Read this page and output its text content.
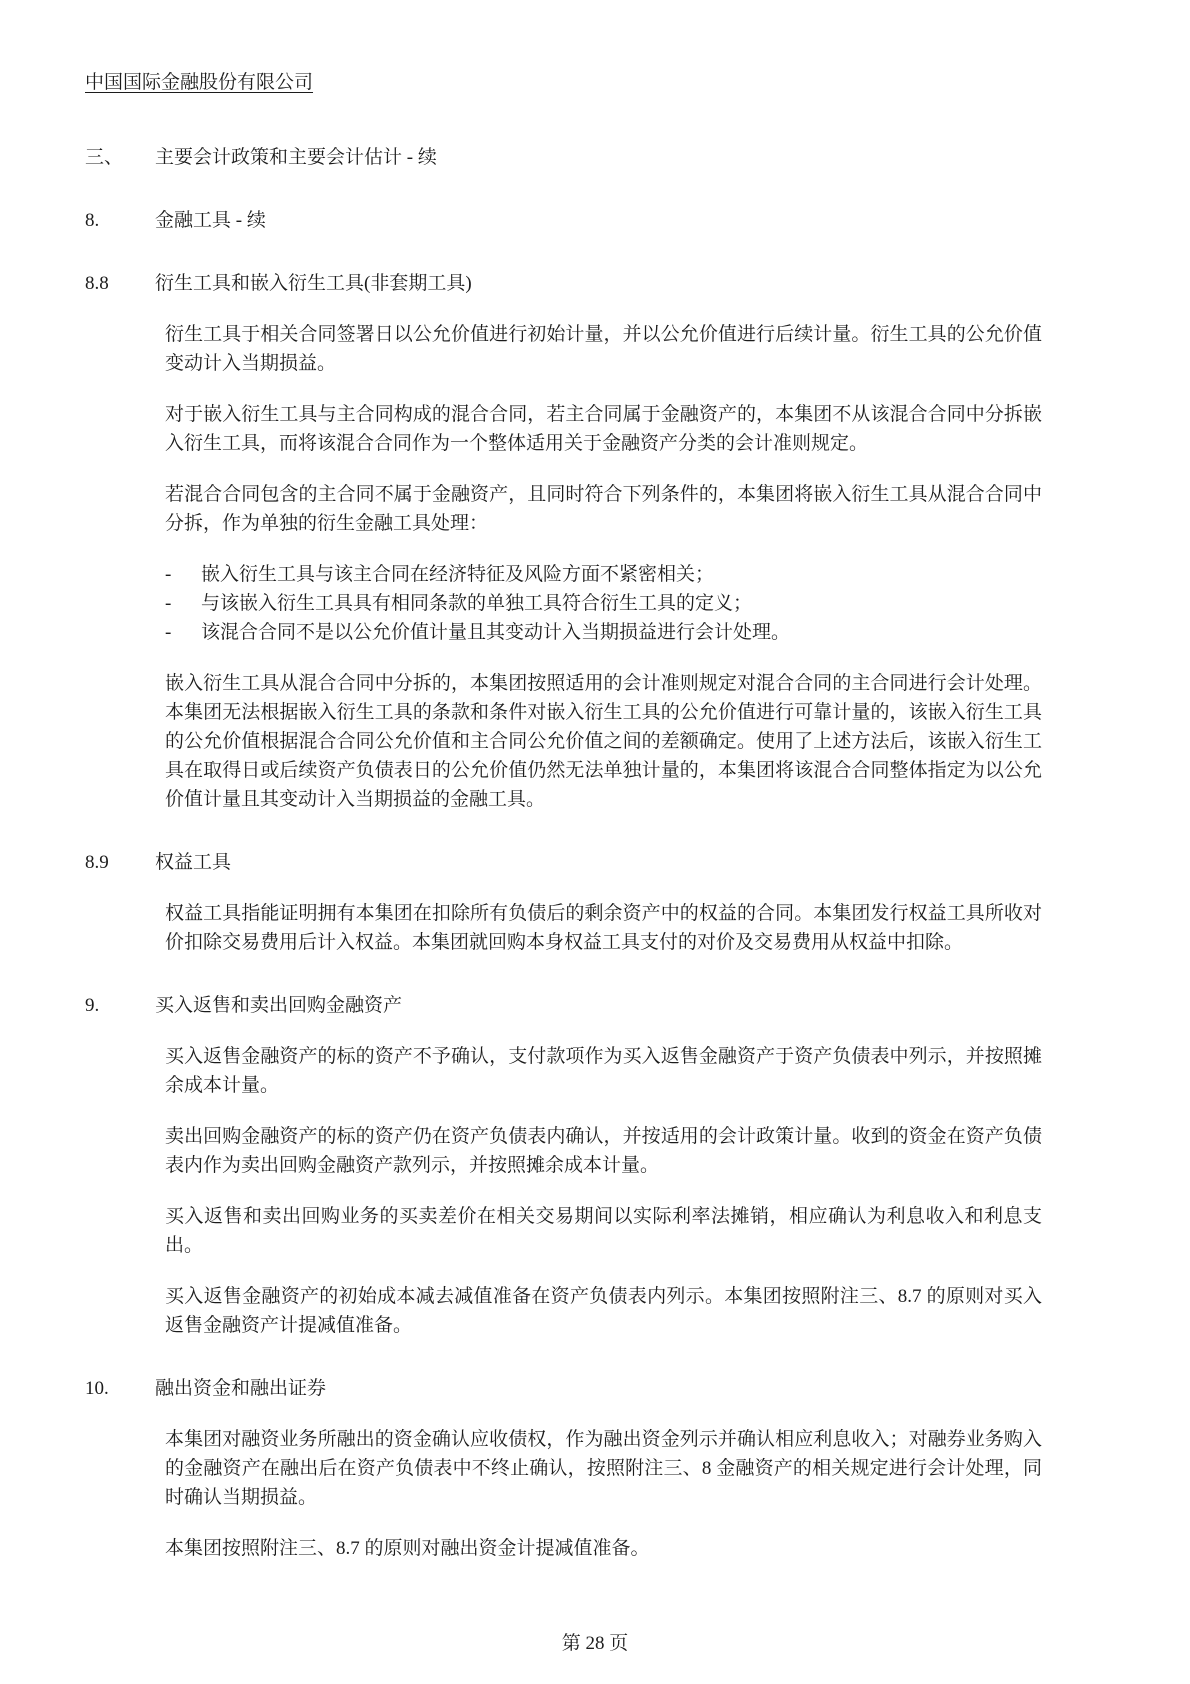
中国国际金融股份有限公司
三、	主要会计政策和主要会计估计 - 续
8.	金融工具 - 续
8.8	衍生工具和嵌入衍生工具(非套期工具)

衍生工具于相关合同签署日以公允价值进行初始计量，并以公允价值进行后续计量。衍生工具的公允价值变动计入当期损益。

对于嵌入衍生工具与主合同构成的混合合同，若主合同属于金融资产的，本集团不从该混合合同中分拆嵌入衍生工具，而将该混合合同作为一个整体适用关于金融资产分类的会计准则规定。

若混合合同包含的主合同不属于金融资产，且同时符合下列条件的，本集团将嵌入衍生工具从混合合同中分拆，作为单独的衍生金融工具处理：

-	嵌入衍生工具与该主合同在经济特征及风险方面不紧密相关；
-	与该嵌入衍生工具具有相同条款的单独工具符合衍生工具的定义；
-	该混合合同不是以公允价值计量且其变动计入当期损益进行会计处理。

嵌入衍生工具从混合合同中分拆的，本集团按照适用的会计准则规定对混合合同的主合同进行会计处理。本集团无法根据嵌入衍生工具的条款和条件对嵌入衍生工具的公允价值进行可靠计量的，该嵌入衍生工具的公允价值根据混合合同公允价值和主合同公允价值之间的差额确定。使用了上述方法后，该嵌入衍生工具在取得日或后续资产负债表日的公允价值仍然无法单独计量的，本集团将该混合合同整体指定为以公允价值计量且其变动计入当期损益的金融工具。

8.9	权益工具

权益工具指能证明拥有本集团在扣除所有负债后的剩余资产中的权益的合同。本集团发行权益工具所收对价扣除交易费用后计入权益。本集团就回购本身权益工具支付的对价及交易费用从权益中扣除。

9.	买入返售和卖出回购金融资产

买入返售金融资产的标的资产不予确认，支付款项作为买入返售金融资产于资产负债表中列示，并按照摊余成本计量。

卖出回购金融资产的标的资产仍在资产负债表内确认，并按适用的会计政策计量。收到的资金在资产负债表内作为卖出回购金融资产款列示，并按照摊余成本计量。

买入返售和卖出回购业务的买卖差价在相关交易期间以实际利率法摊销，相应确认为利息收入和利息支出。

买入返售金融资产的初始成本减去减值准备在资产负债表内列示。本集团按照附注三、8.7 的原则对买入返售金融资产计提减值准备。

10.	融出资金和融出证券

本集团对融资业务所融出的资金确认应收债权，作为融出资金列示并确认相应利息收入；对融券业务购入的金融资产在融出后在资产负债表中不终止确认，按照附注三、8 金融资产的相关规定进行会计处理，同时确认当期损益。

本集团按照附注三、8.7 的原则对融出资金计提减值准备。

第 28 页
